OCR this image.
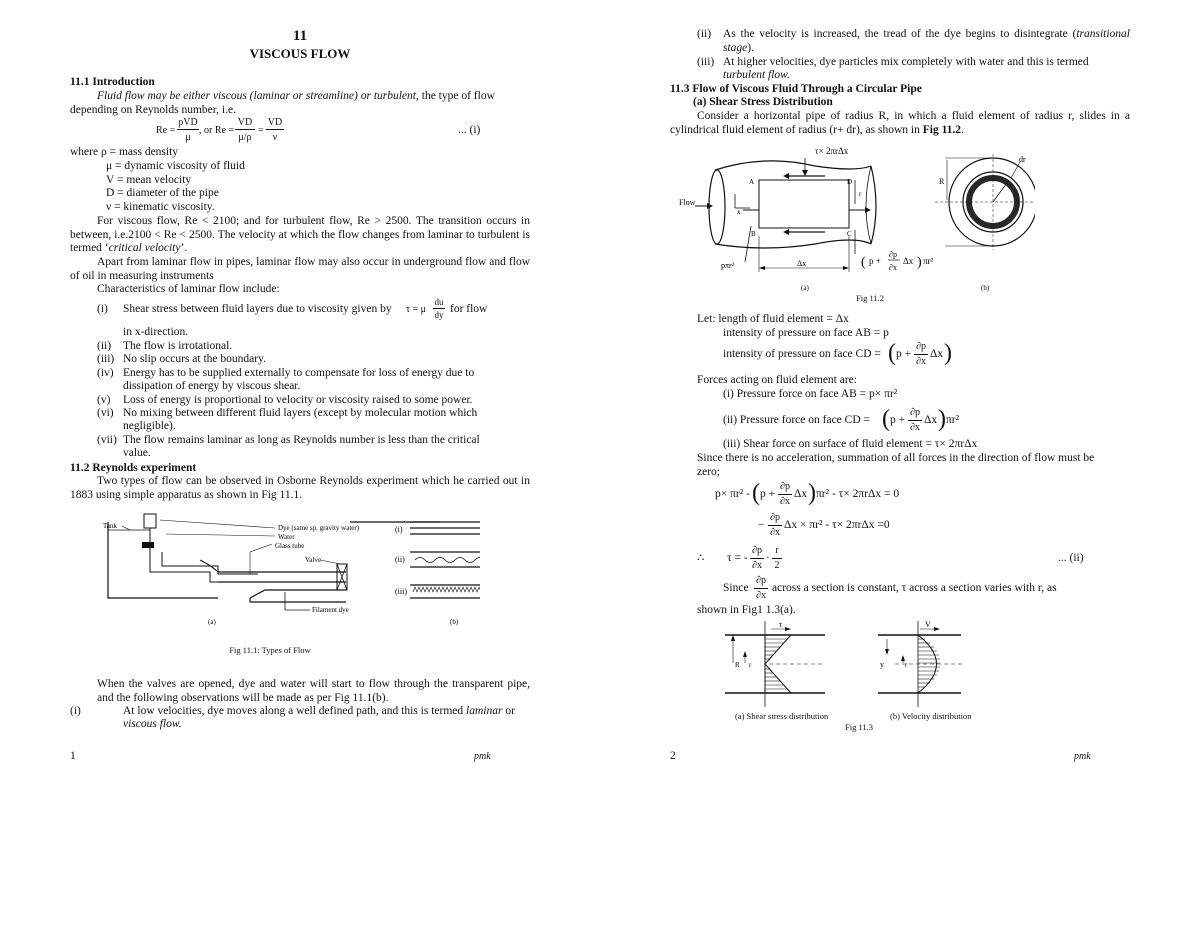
11
VISCOUS FLOW
11.1 Introduction
Fluid flow may be either viscous (laminar or streamline) or turbulent, the type of flow
depending on Reynolds number, i.e.
Re =
ρVD
μ
, or Re =
VD
μ/ρ
=
VD
ν
... (i)
where ρ = mass density
μ = dynamic viscosity of fluid
V = mean velocity
D = diameter of the pipe
ν = kinematic viscosity.
For viscous flow, Re < 2100; and for turbulent flow, Re > 2500. The transition occurs in between, i.e.2100 < Re < 2500. The velocity at which the flow changes from laminar to turbulent is termed ‘critical velocity’.
Apart from laminar flow in pipes, laminar flow may also occur in underground flow and flow of oil in measuring instruments
Characteristics of laminar flow include:
(i) Shear stress between fluid layers due to viscosity given by τ = μ
du
dy for flow
in x-direction.
(ii) The flow is irrotational.
(iii) No slip occurs at the boundary.
(iv) Energy has to be supplied externally to compensate for loss of energy due to
dissipation of energy by viscous shear.
(v) Loss of energy is proportional to velocity or viscosity raised to some power.
(vi) No mixing between different fluid layers (except by molecular motion which
negligible).
(vii) The flow remains laminar as long as Reynolds number is less than the critical
value.
11.2 Reynolds experiment
Two types of flow can be observed in Osborne Reynolds experiment which he carried out in 1883 using simple apparatus as shown in Fig 11.1.
Tank	Dye (same sp. gravity water)
Water
Glass tube
Valve
Filament dye
(a)
(i)
(ii)
(iii)
(b)
Fig 11.1: Types of Flow
When the valves are opened, dye and water will start to flow through the transparent pipe, and the following observations will be made as per Fig 11.1(b).
(i)	At low velocities, dye moves along a well defined path, and this is termed laminar or
viscous flow.
1	pmk
(ii) As the velocity is increased, the tread of the dye begins to disintegrate (transitional stage).
(iii) At higher velocities, dye particles mix completely with water and this is termed
turbulent flow.
11.3 Flow of Viscous Fluid Through a Circular Pipe
(a) Shear Stress Distribution
Consider a horizontal pipe of radius R, in which a fluid element of radius r, slides in a cylindrical fluid element of radius (r+ dr), as shown in Fig 11.2.
τ× 2πrΔx
Flow
A
B	C
D
r
x
pπr²	Δx	( p +
∂p
∂x
Δx ) πr²
R
dr
(a)	(b)
Fig 11.2
Let: length of fluid element = Δx
intensity of pressure on face AB = p
intensity of pressure on face CD = ( p +
∂p
∂x
Δx )
Forces acting on fluid element are:
(i) Pressure force on face AB = p× πr²
(ii) Pressure force on face CD = ( p +
∂p
∂x
Δx ) πr²
(iii) Shear force on surface of fluid element = τ× 2πrΔx
Since there is no acceleration, summation of all forces in the direction of flow must be zero;
p× πr² - ( p +
∂p
∂x
Δx ) πr² - τ× 2πrΔx = 0
−
∂p
∂x
Δx × πr² - τ× 2πrΔx =0
∴ τ = -
∂p
∂x
·
r
2
... (ii)
Since
∂p
∂x
across a section is constant, τ across a section varies with r, as
shown in Fig1 1.3(a).
τ
R r
V
y	r
(a) Shear stress distribution	(b) Velocity distribution
Fig 11.3
2	pmk
